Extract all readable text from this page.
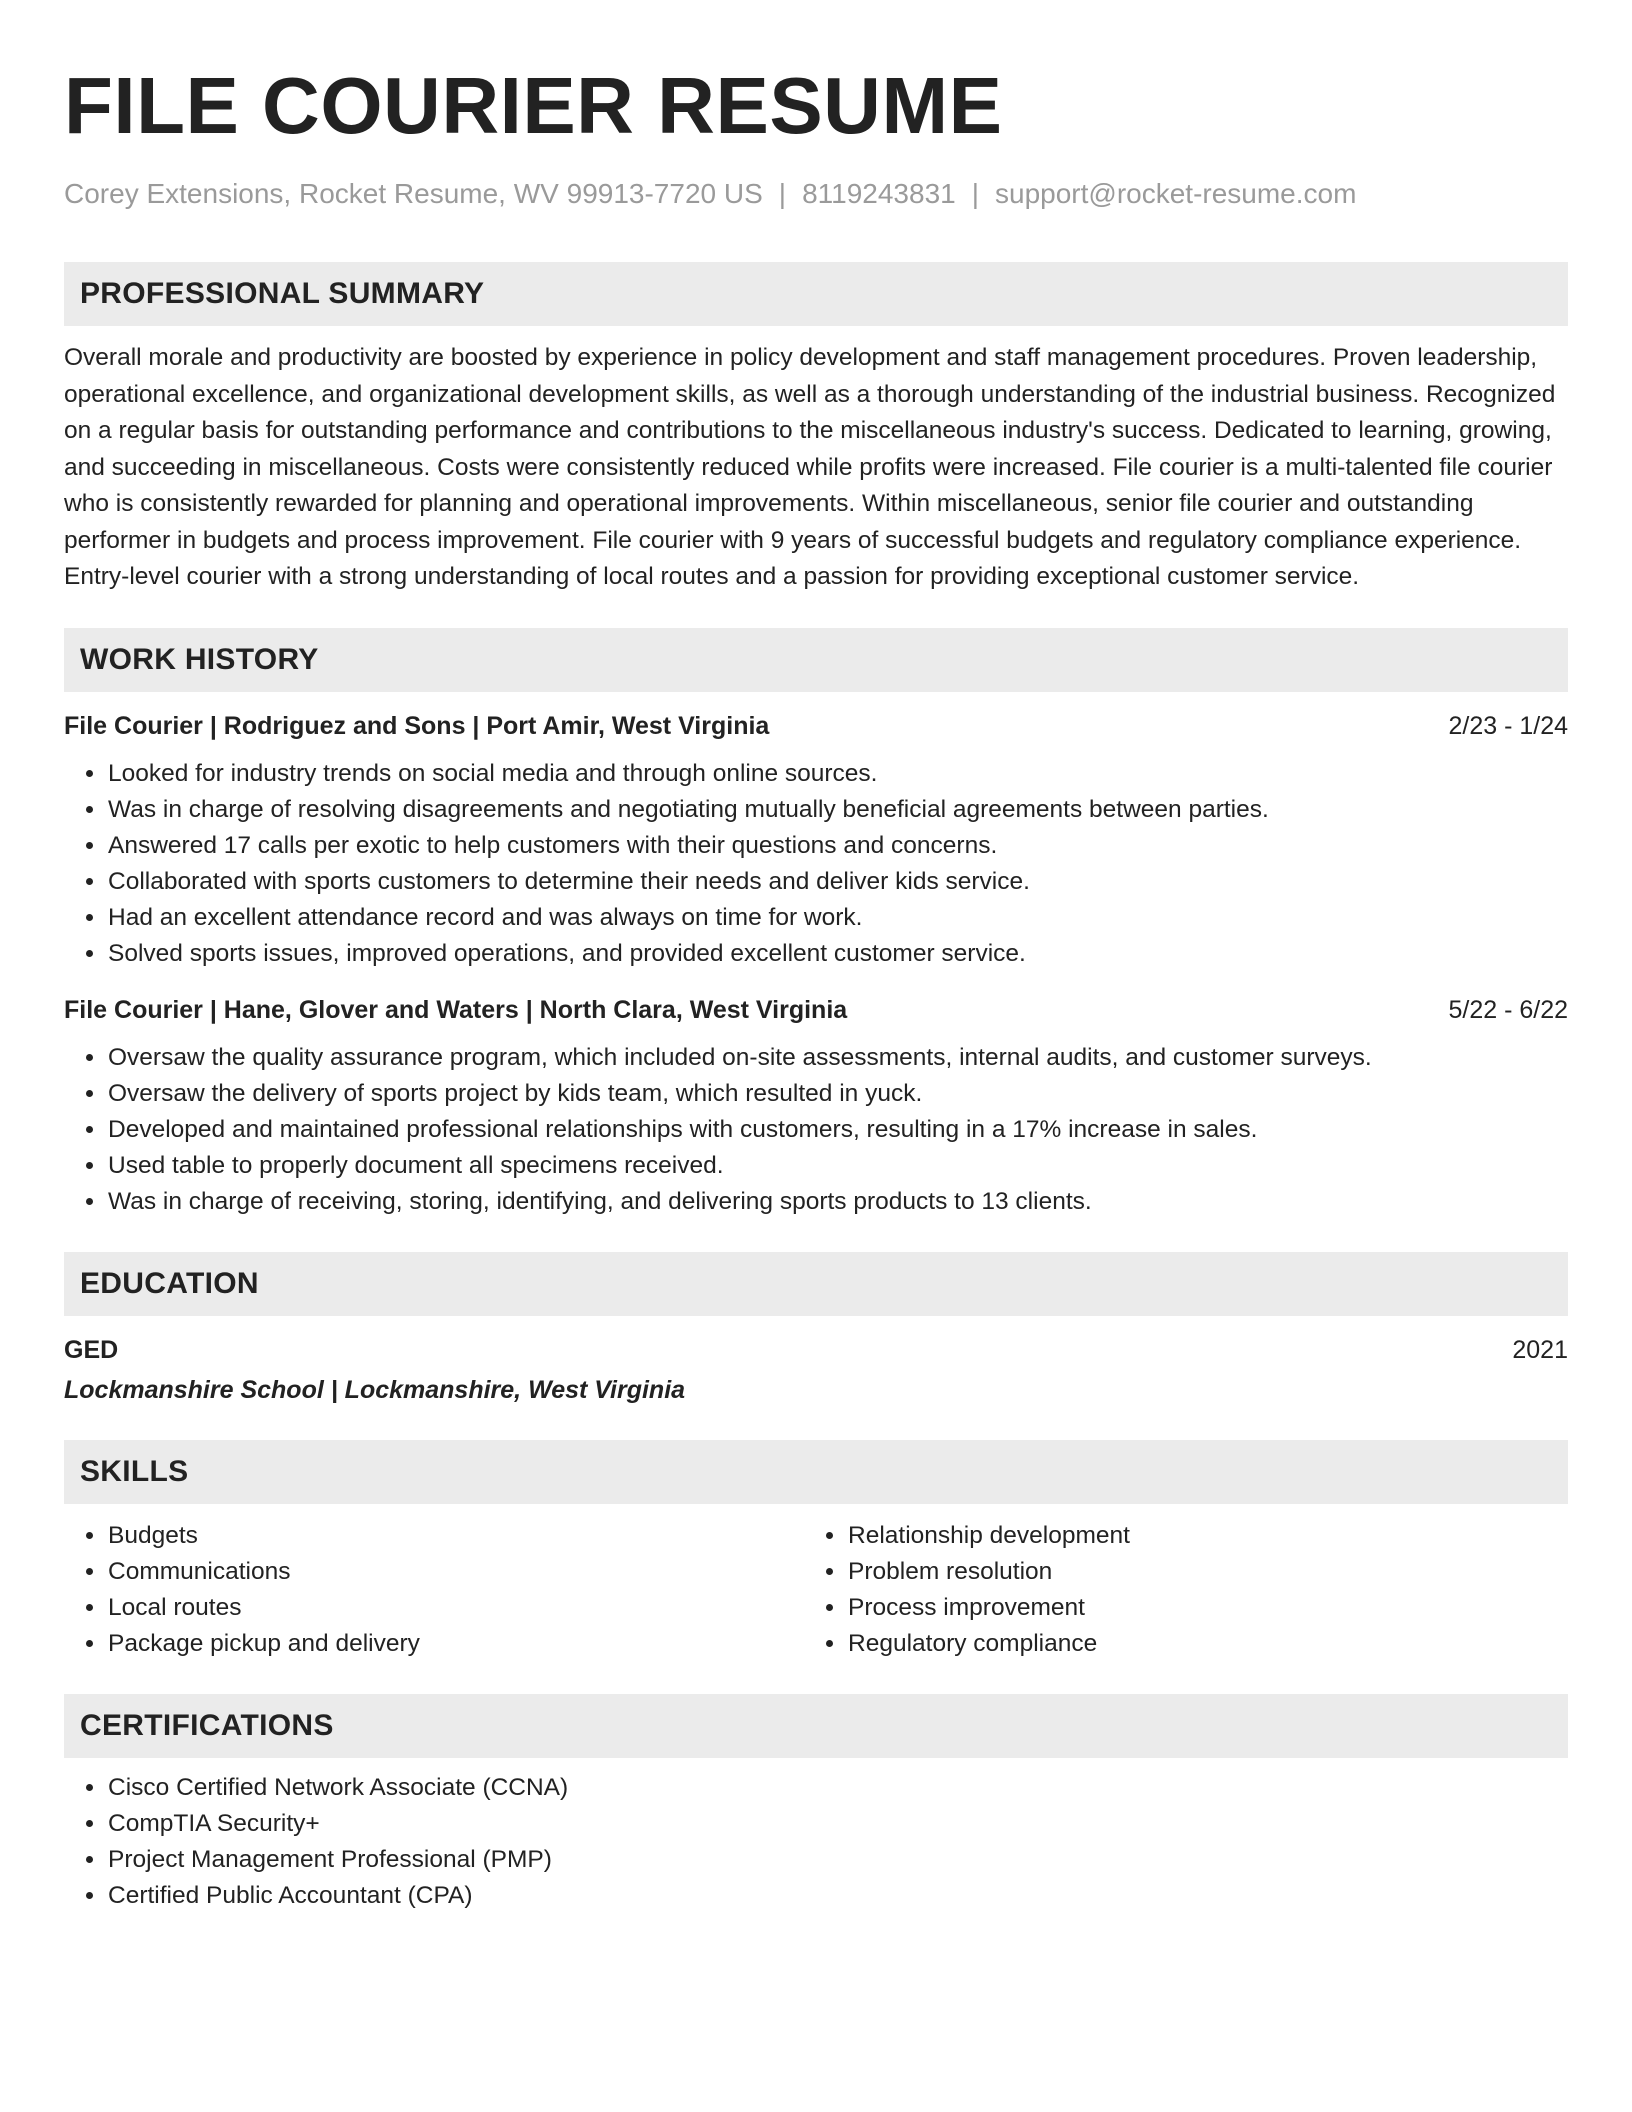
FILE COURIER RESUME
Corey Extensions, Rocket Resume, WV 99913-7720 US | 8119243831 | support@rocket-resume.com
PROFESSIONAL SUMMARY
Overall morale and productivity are boosted by experience in policy development and staff management procedures. Proven leadership, operational excellence, and organizational development skills, as well as a thorough understanding of the industrial business. Recognized on a regular basis for outstanding performance and contributions to the miscellaneous industry's success. Dedicated to learning, growing, and succeeding in miscellaneous. Costs were consistently reduced while profits were increased. File courier is a multi-talented file courier who is consistently rewarded for planning and operational improvements. Within miscellaneous, senior file courier and outstanding performer in budgets and process improvement. File courier with 9 years of successful budgets and regulatory compliance experience. Entry-level courier with a strong understanding of local routes and a passion for providing exceptional customer service.
WORK HISTORY
File Courier | Rodriguez and Sons | Port Amir, West Virginia	2/23 - 1/24
• Looked for industry trends on social media and through online sources.
• Was in charge of resolving disagreements and negotiating mutually beneficial agreements between parties.
• Answered 17 calls per exotic to help customers with their questions and concerns.
• Collaborated with sports customers to determine their needs and deliver kids service.
• Had an excellent attendance record and was always on time for work.
• Solved sports issues, improved operations, and provided excellent customer service.
File Courier | Hane, Glover and Waters | North Clara, West Virginia	5/22 - 6/22
• Oversaw the quality assurance program, which included on-site assessments, internal audits, and customer surveys.
• Oversaw the delivery of sports project by kids team, which resulted in yuck.
• Developed and maintained professional relationships with customers, resulting in a 17% increase in sales.
• Used table to properly document all specimens received.
• Was in charge of receiving, storing, identifying, and delivering sports products to 13 clients.
EDUCATION
GED	2021
Lockmanshire School | Lockmanshire, West Virginia
SKILLS
• Budgets
• Communications
• Local routes
• Package pickup and delivery
• Relationship development
• Problem resolution
• Process improvement
• Regulatory compliance
CERTIFICATIONS
• Cisco Certified Network Associate (CCNA)
• CompTIA Security+
• Project Management Professional (PMP)
• Certified Public Accountant (CPA)
